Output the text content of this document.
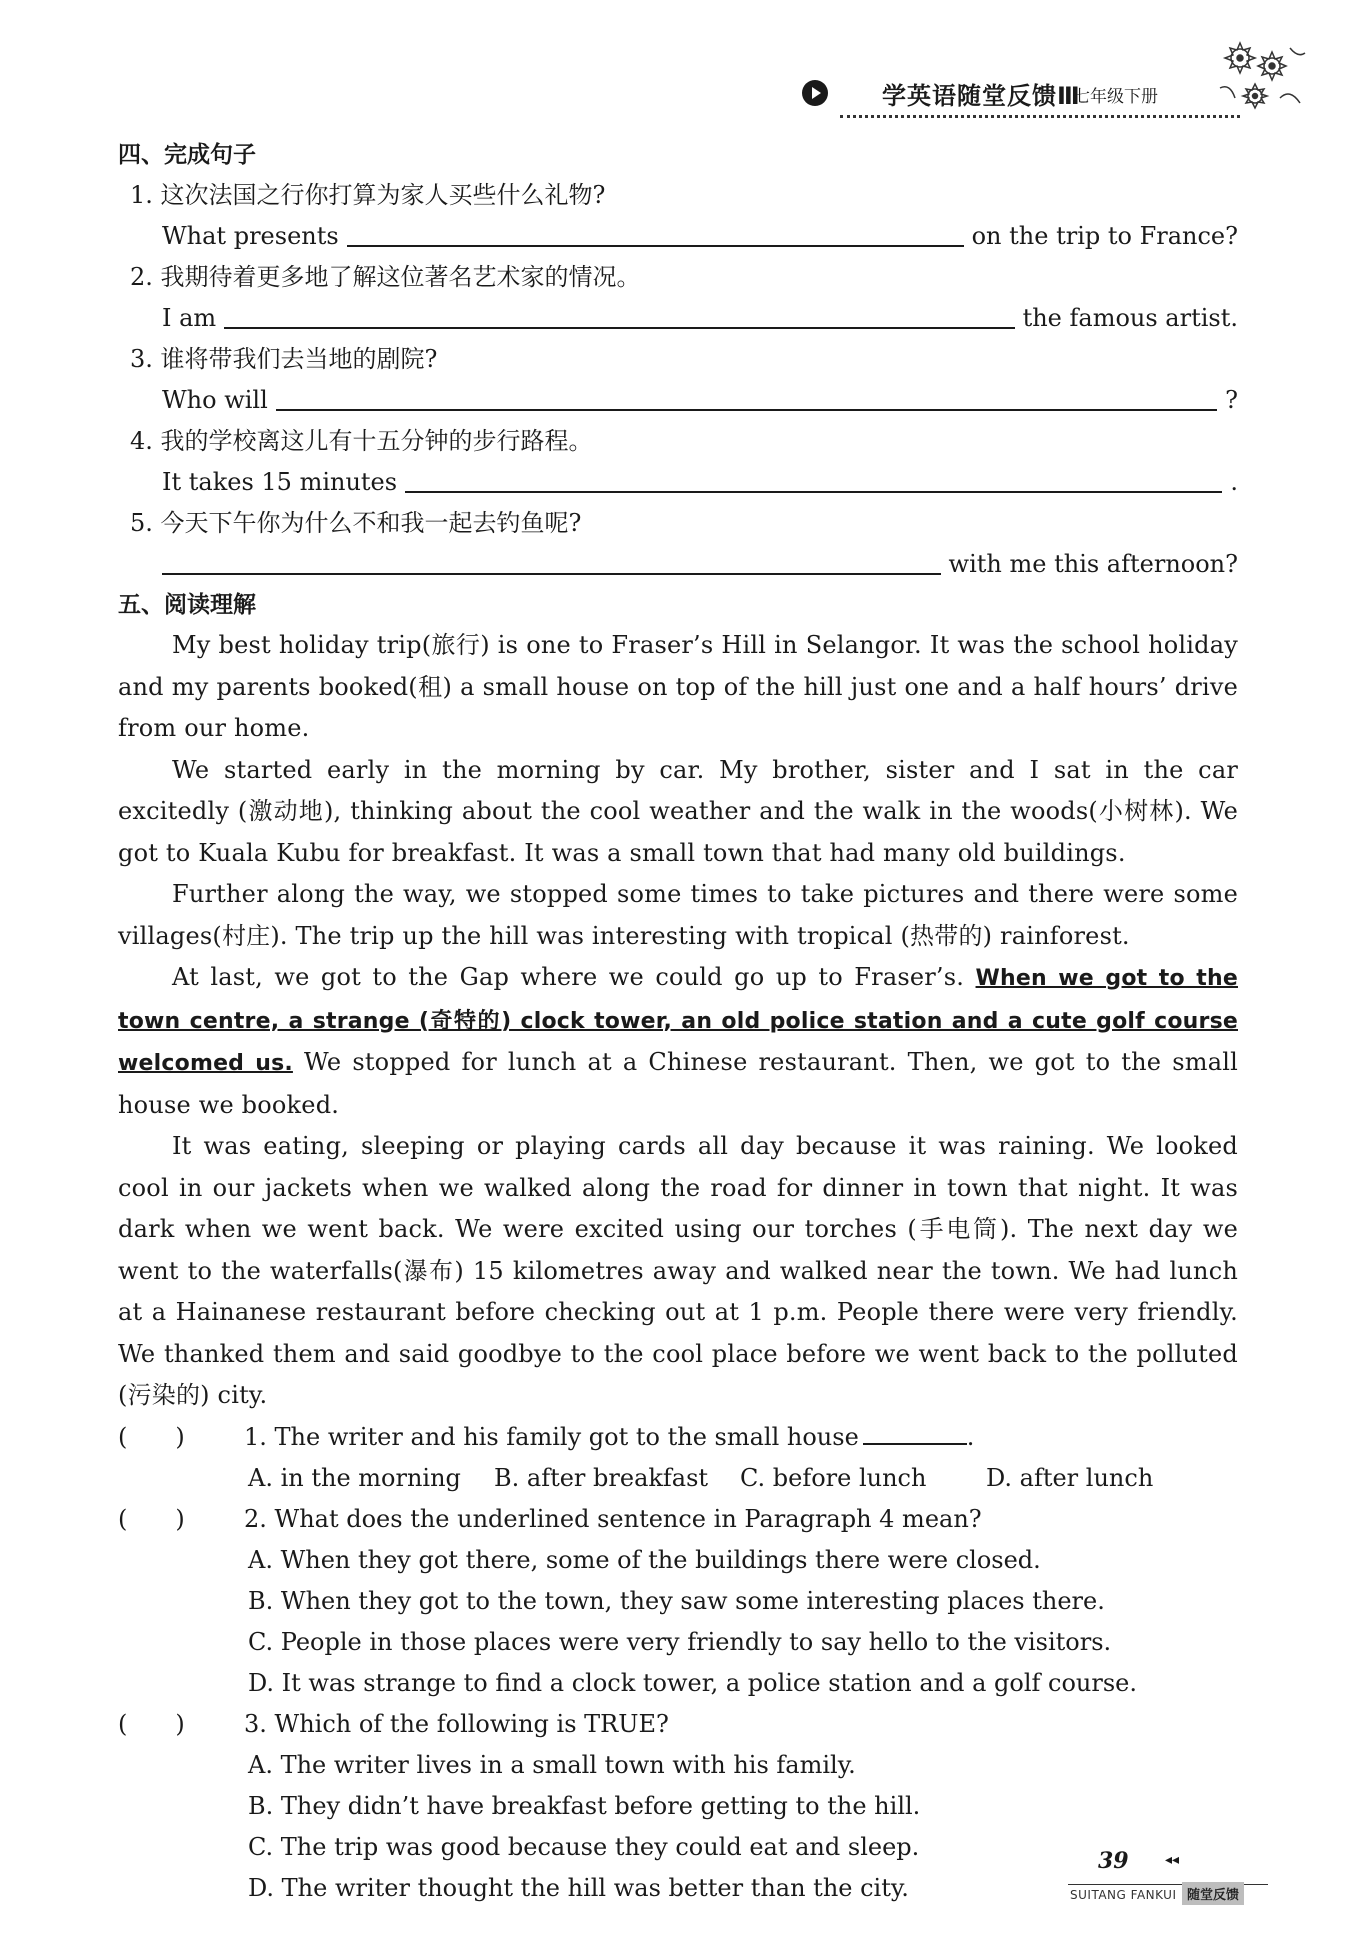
学英语随堂反馈Ⅲ
七年级下册
四、完成句子
1. 这次法国之行你打算为家人买些什么礼物?
What presents	on the trip to France?
2. 我期待着更多地了解这位著名艺术家的情况。
I am	the famous artist.
3. 谁将带我们去当地的剧院?
Who will	?
4. 我的学校离这儿有十五分钟的步行路程。
It takes 15 minutes	.
5. 今天下午你为什么不和我一起去钓鱼呢?
with me this afternoon?
五、阅读理解

My best holiday trip(旅行) is one to Fraser’s Hill in Selangor. It was the school holiday and my parents booked(租) a small house on top of the hill just one and a half hours’ drive from our home.

We started early in the morning by car. My brother, sister and I sat in the car excitedly (激动地), thinking about the cool weather and the walk in the woods(小树林). We got to Kuala Kubu for breakfast. It was a small town that had many old buildings.

Further along the way, we stopped some times to take pictures and there were some villages(村庄). The trip up the hill was interesting with tropical (热带的) rainforest.

At last, we got to the Gap where we could go up to Fraser’s. When we got to the town centre, a strange (奇特的) clock tower, an old police station and a cute golf course welcomed us. We stopped for lunch at a Chinese restaurant. Then, we got to the small house we booked.

It was eating, sleeping or playing cards all day because it was raining. We looked cool in our jackets when we walked along the road for dinner in town that night. It was dark when we went back. We were excited using our torches (手电筒). The next day we went to the waterfalls(瀑布) 15 kilometres away and walked near the town. We had lunch at a Hainanese restaurant before checking out at 1 p.m. People there were very friendly. We thanked them and said goodbye to the cool place before we went back to the polluted (污染的) city.

(　　) 1. The writer and his family got to the small house	.
A. in the morning	B. after breakfast	C. before lunch	D. after lunch
(　　) 2. What does the underlined sentence in Paragraph 4 mean?
A. When they got there, some of the buildings there were closed.
B. When they got to the town, they saw some interesting places there.
C. People in those places were very friendly to say hello to the visitors.
D. It was strange to find a clock tower, a police station and a golf course.
(　　) 3. Which of the following is TRUE?
A. The writer lives in a small town with his family.
B. They didn’t have breakfast before getting to the hill.
C. The trip was good because they could eat and sleep.
D. The writer thought the hill was better than the city.
39	◂◂
SUITANG FANKUI 随堂反馈
